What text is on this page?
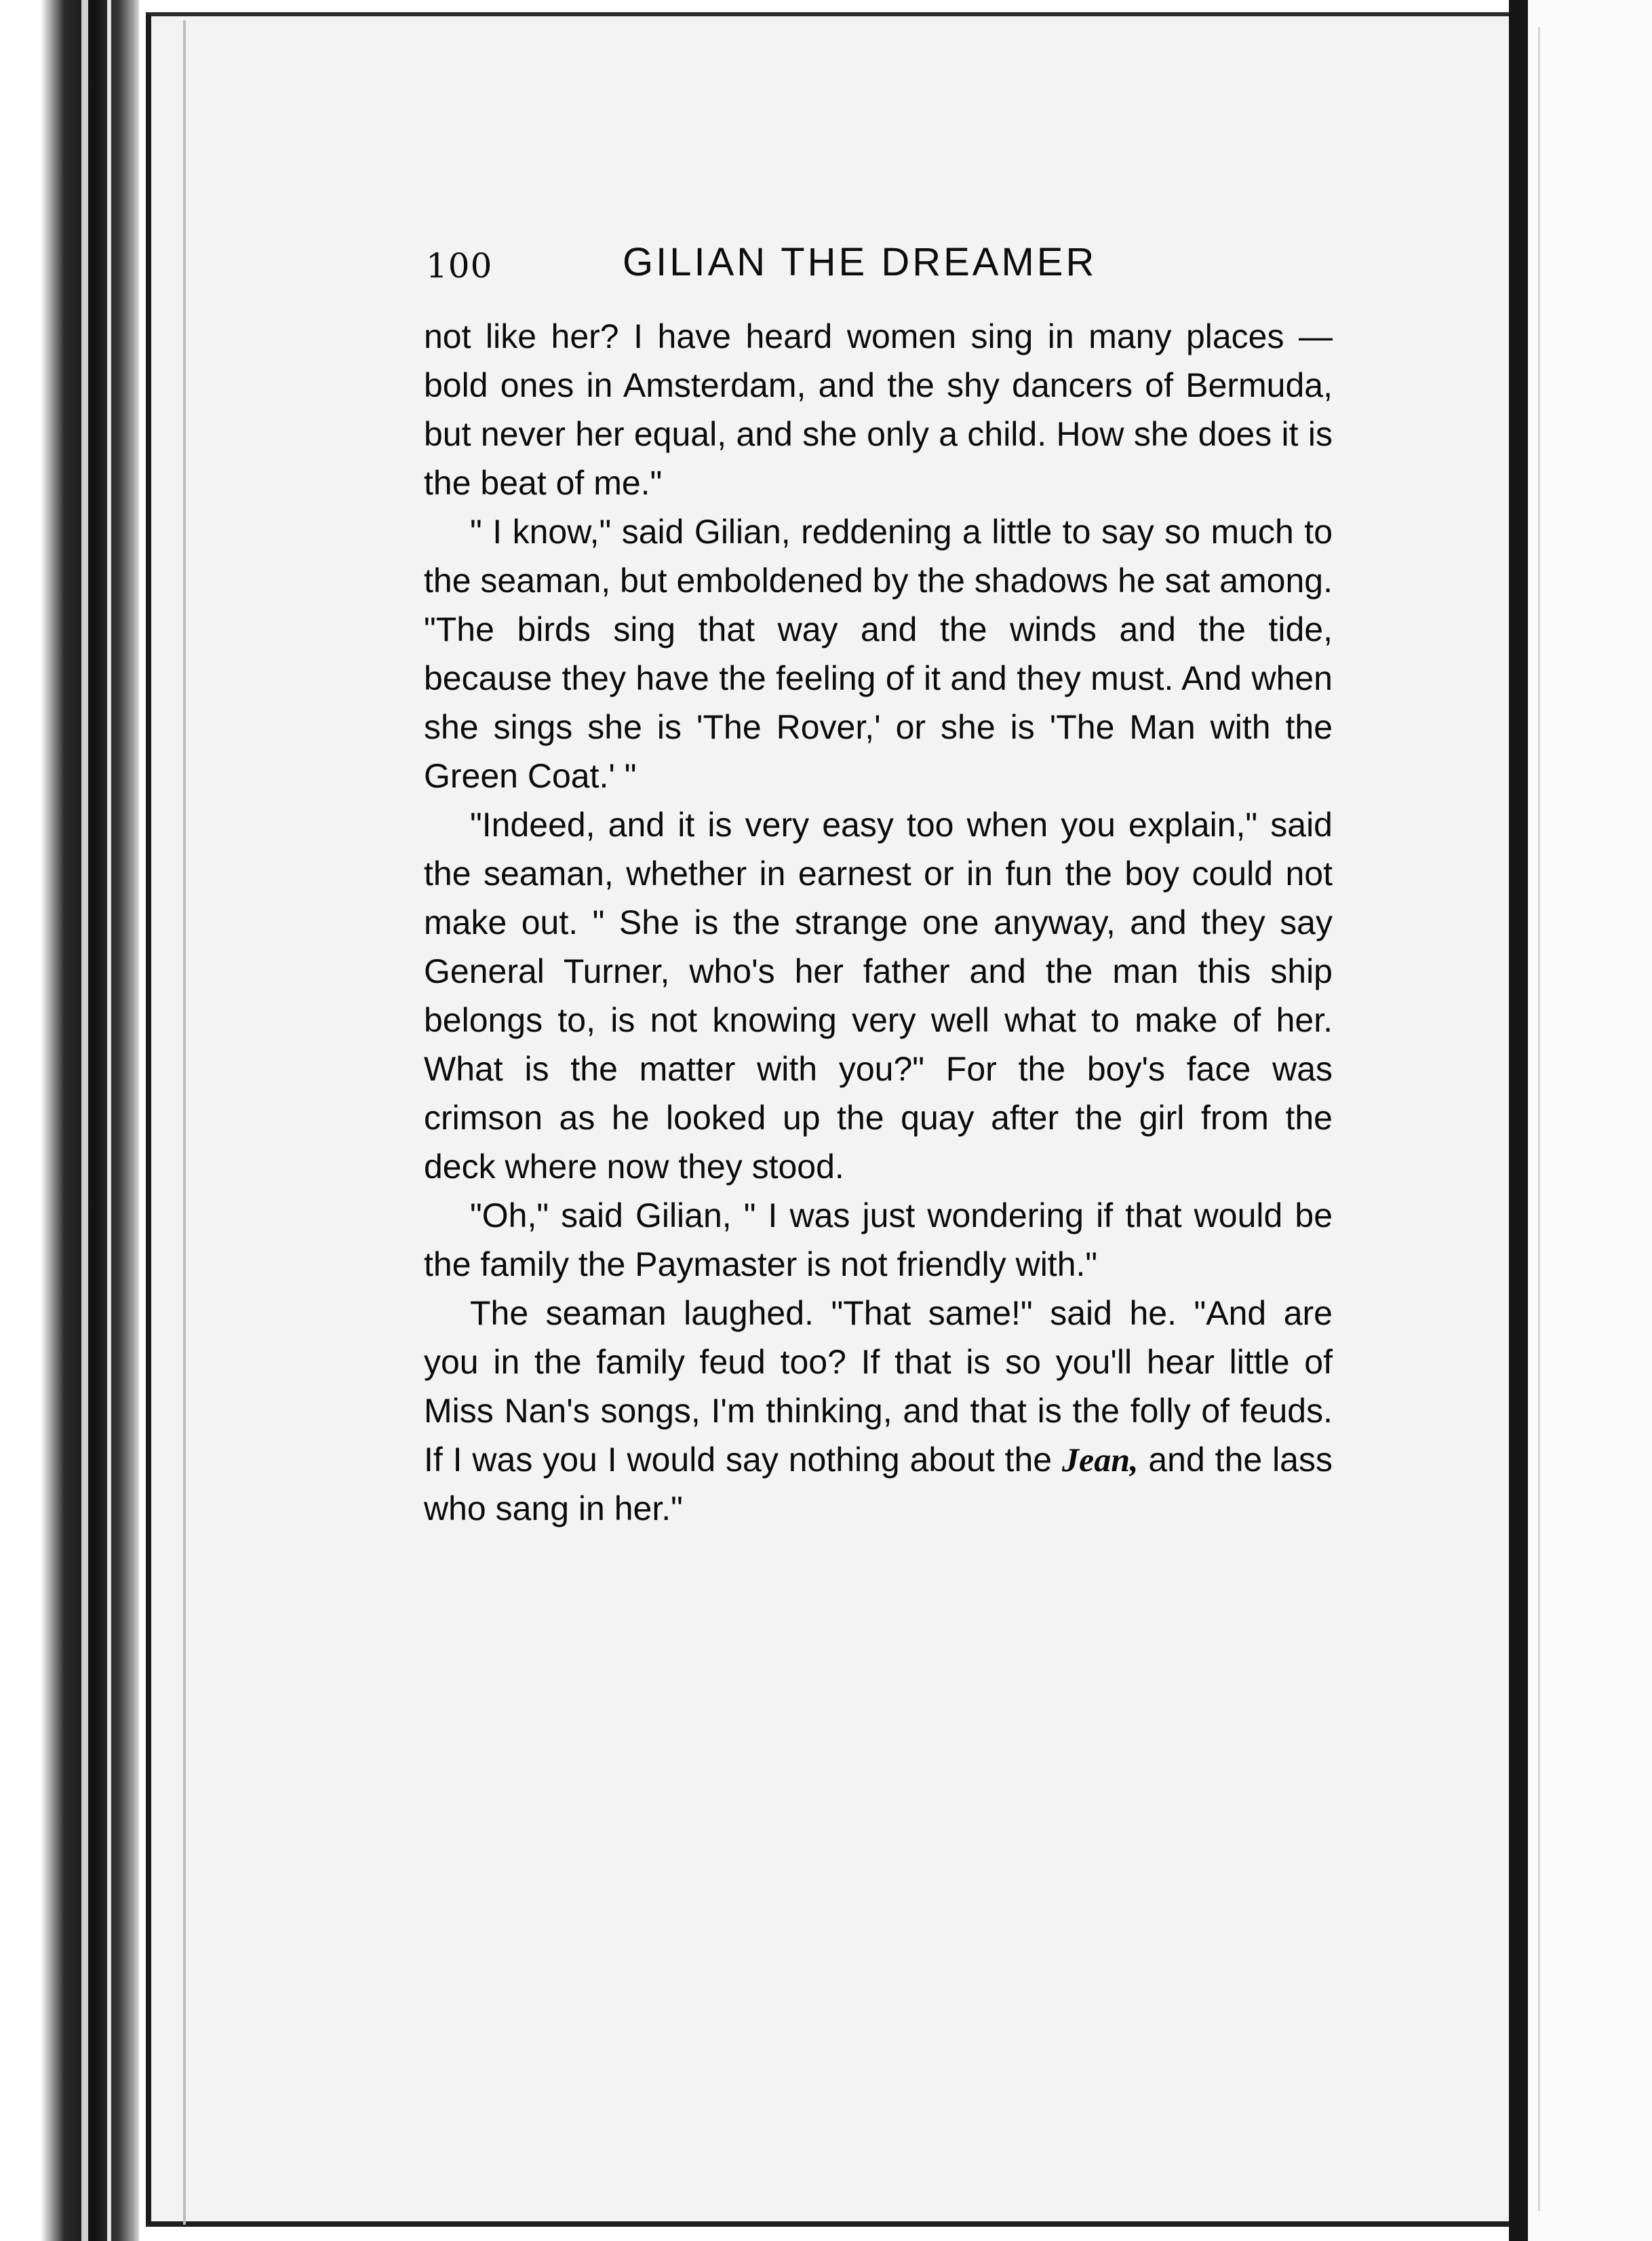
100	GILIAN THE DREAMER

not like her? I have heard women sing in many places — bold ones in Amsterdam, and the shy dancers of Bermuda, but never her equal, and she only a child. How she does it is the beat of me."

" I know," said Gilian, reddening a little to say so much to the seaman, but emboldened by the shadows he sat among. "The birds sing that way and the winds and the tide, because they have the feeling of it and they must. And when she sings she is 'The Rover,' or she is 'The Man with the Green Coat.' "

"Indeed, and it is very easy too when you explain," said the seaman, whether in earnest or in fun the boy could not make out. " She is the strange one anyway, and they say General Turner, who's her father and the man this ship belongs to, is not knowing very well what to make of her. What is the matter with you?" For the boy's face was crimson as he looked up the quay after the girl from the deck where now they stood.

"Oh," said Gilian, " I was just wondering if that would be the family the Paymaster is not friendly with."

The seaman laughed. "That same!" said he. "And are you in the family feud too? If that is so you'll hear little of Miss Nan's songs, I'm thinking, and that is the folly of feuds. If I was you I would say nothing about the Jean, and the lass who sang in her."
